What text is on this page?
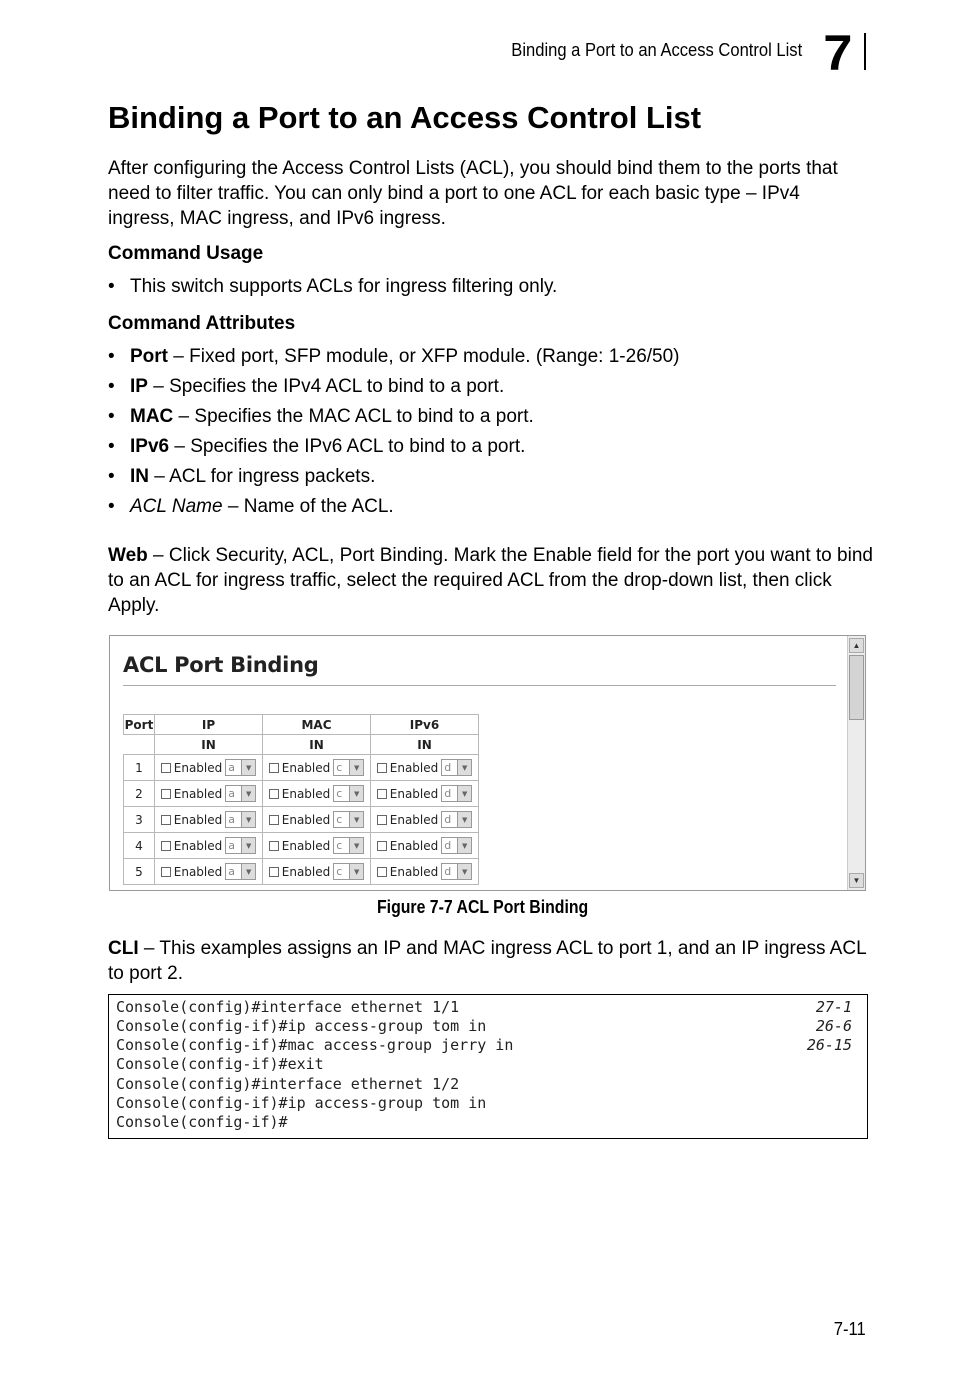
Binding a Port to an Access Control List 7
Binding a Port to an Access Control List
After configuring the Access Control Lists (ACL), you should bind them to the ports that need to filter traffic. You can only bind a port to one ACL for each basic type – IPv4 ingress, MAC ingress, and IPv6 ingress.
Command Usage
• This switch supports ACLs for ingress filtering only.
Command Attributes
• Port – Fixed port, SFP module, or XFP module. (Range: 1-26/50)
• IP – Specifies the IPv4 ACL to bind to a port.
• MAC – Specifies the MAC ACL to bind to a port.
• IPv6 – Specifies the IPv6 ACL to bind to a port.
• IN – ACL for ingress packets.
• ACL Name – Name of the ACL.
Web – Click Security, ACL, Port Binding. Mark the Enable field for the port you want to bind to an ACL for ingress traffic, select the required ACL from the drop-down list, then click Apply.
ACL Port Binding
Port	IP	MAC	IPv6
	IN	IN	IN
1	Enabled a ▼	Enabled c ▼	Enabled d ▼

2	Enabled a ▼	Enabled c ▼	Enabled d ▼

3	Enabled a ▼	Enabled c ▼	Enabled d ▼

4	Enabled a ▼	Enabled c ▼	Enabled d ▼

5	Enabled a ▼	Enabled c ▼	Enabled d ▼
▲
▼
Figure 7-7 ACL Port Binding
CLI – This examples assigns an IP and MAC ingress ACL to port 1, and an IP ingress ACL to port 2.
Console(config)#interface ethernet 1/1	27-1
Console(config-if)#ip access-group tom in	26-6
Console(config-if)#mac access-group jerry in	26-15
Console(config-if)#exit
Console(config)#interface ethernet 1/2
Console(config-if)#ip access-group tom in
Console(config-if)#
7-11
